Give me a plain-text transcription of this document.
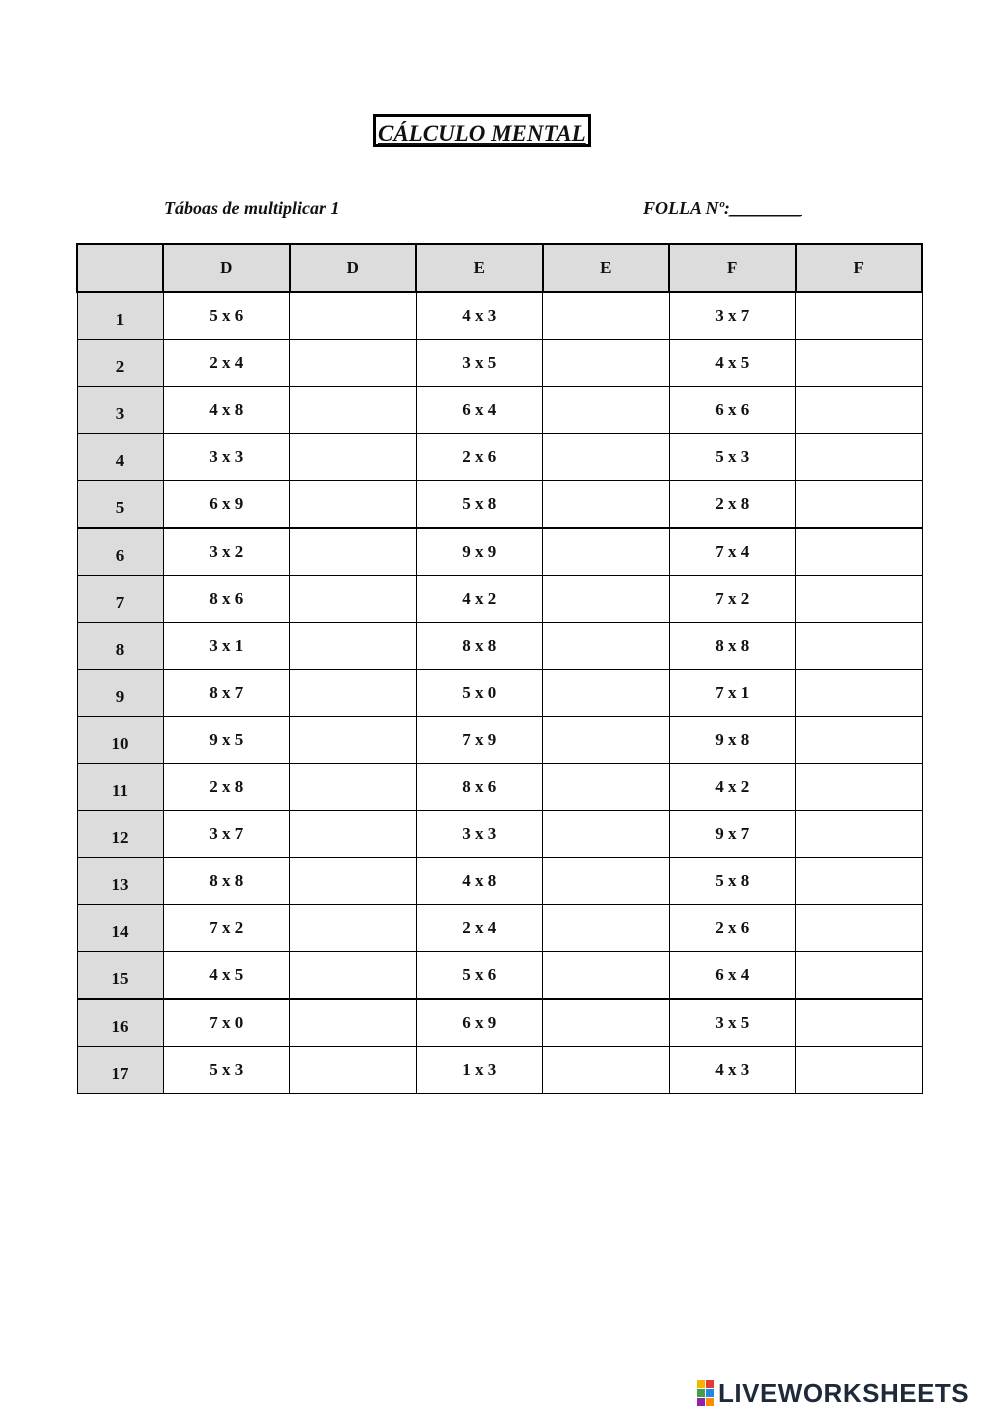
CÁLCULO MENTAL
Táboas de multiplicar 1	FOLLA Nº:________
	D	D	E	E	F	F
1	5 x 6		4 x 3		3 x 7	
2	2 x 4		3 x 5		4 x 5	
3	4 x 8		6 x 4		6 x 6	
4	3 x 3		2 x 6		5 x 3	
5	6 x 9		5 x 8		2 x 8	
6	3 x 2		9 x 9		7 x 4	
7	8 x 6		4 x 2		7 x 2	
8	3 x 1		8 x 8		8 x 8	
9	8 x 7		5 x 0		7 x 1	
10	9 x 5		7 x 9		9 x 8	
11	2 x 8		8 x 6		4 x 2	
12	3 x 7		3 x 3		9 x 7	
13	8 x 8		4 x 8		5 x 8	
14	7 x 2		2 x 4		2 x 6	
15	4 x 5		5 x 6		6 x 4	
16	7 x 0		6 x 9		3 x 5	
17	5 x 3		1 x 3		4 x 3	
LIVEWORKSHEETS
